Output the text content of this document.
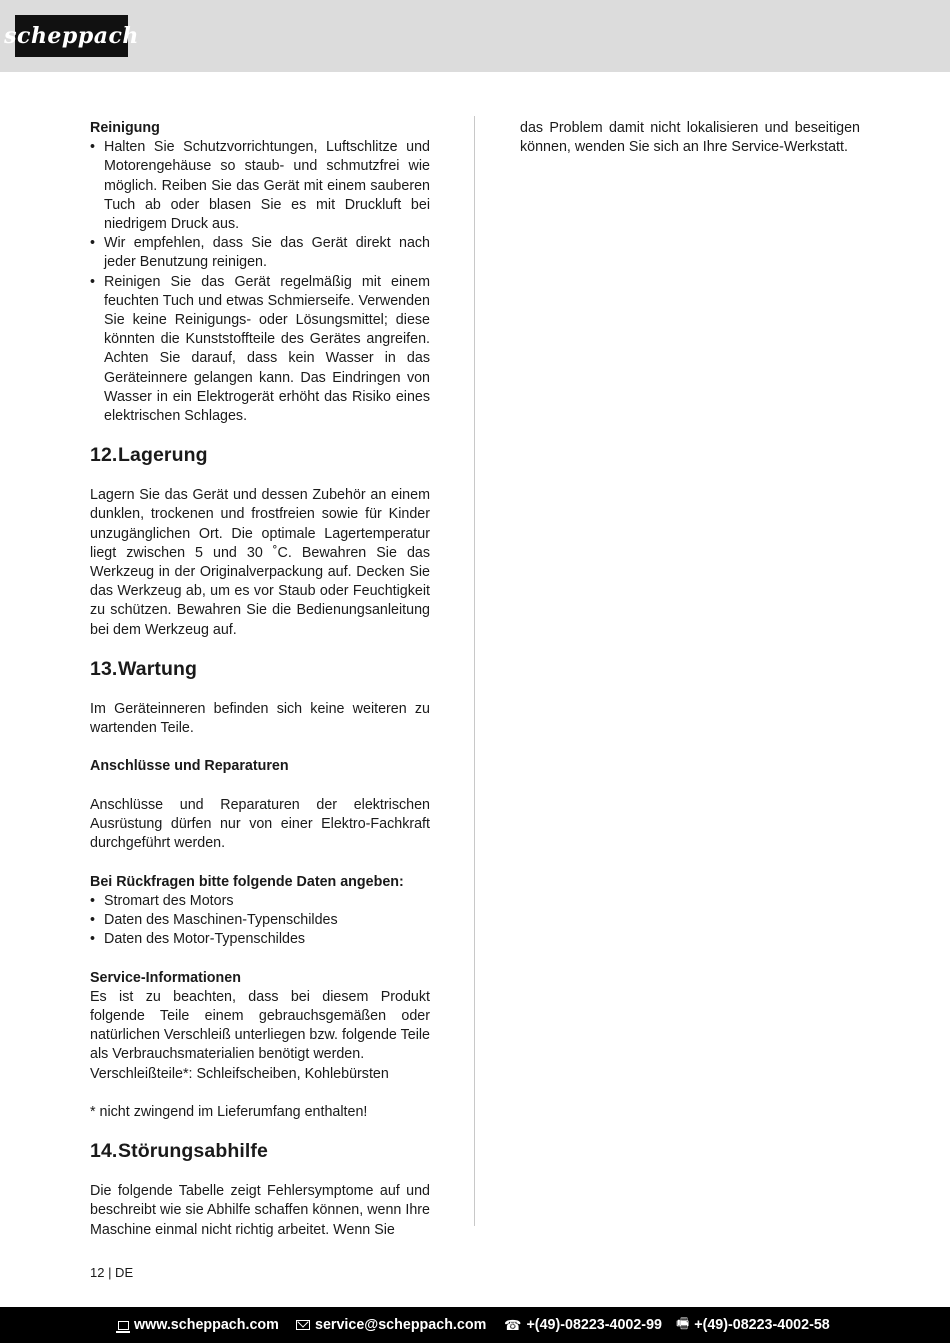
scheppach
Reinigung
• Halten Sie Schutzvorrichtungen, Luftschlitze und Motorengehäuse so staub- und schmutzfrei wie möglich. Reiben Sie das Gerät mit einem sauberen Tuch ab oder blasen Sie es mit Druckluft bei niedrigem Druck aus.
• Wir empfehlen, dass Sie das Gerät direkt nach jeder Benutzung reinigen.
• Reinigen Sie das Gerät regelmäßig mit einem feuchten Tuch und etwas Schmierseife. Verwenden Sie keine Reinigungs- oder Lösungsmittel; diese könnten die Kunststoffteile des Gerätes angreifen. Achten Sie darauf, dass kein Wasser in das Geräteinnere gelangen kann. Das Eindringen von Wasser in ein Elektrogerät erhöht das Risiko eines elektrischen Schlages.
12.Lagerung

Lagern Sie das Gerät und dessen Zubehör an einem dunklen, trockenen und frostfreien sowie für Kinder unzugänglichen Ort. Die optimale Lagertemperatur liegt zwischen 5 und 30 ˚C. Bewahren Sie das Werkzeug in der Originalverpackung auf. Decken Sie das Werkzeug ab, um es vor Staub oder Feuchtigkeit zu schützen. Bewahren Sie die Bedienungsanleitung bei dem Werkzeug auf.

13.Wartung

Im Geräteinneren befinden sich keine weiteren zu wartenden Teile.

Anschlüsse und Reparaturen

Anschlüsse und Reparaturen der elektrischen Ausrüstung dürfen nur von einer Elektro-Fachkraft durchgeführt werden.

Bei Rückfragen bitte folgende Daten angeben:
• Stromart des Motors
• Daten des Maschinen-Typenschildes
• Daten des Motor-Typenschildes
Service-Informationen

Es ist zu beachten, dass bei diesem Produkt folgende Teile einem gebrauchsgemäßen oder natürlichen Verschleiß unterliegen bzw. folgende Teile als Verbrauchsmaterialien benötigt werden.

Verschleißteile*: Schleifscheiben, Kohlebürsten

* nicht zwingend im Lieferumfang enthalten!

14.Störungsabhilfe

Die folgende Tabelle zeigt Fehlersymptome auf und beschreibt wie sie Abhilfe schaffen können, wenn Ihre Maschine einmal nicht richtig arbeitet. Wenn Sie

das Problem damit nicht lokalisieren und beseitigen können, wenden Sie sich an Ihre Service-Werkstatt.

12 | DE
www.scheppach.com	service@scheppach.com ☎ +(49)-08223-4002-99 🖷 +(49)-08223-4002-58
